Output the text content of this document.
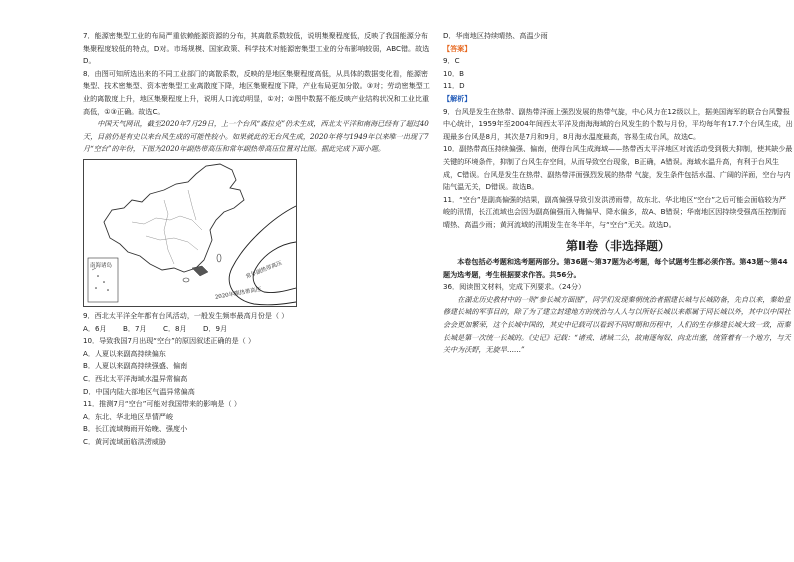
7．能源密集型工业的布局严重依赖能源资源的分布，其离散系数较低，说明集聚程度低，反映了我国能源分布集聚程度较低的特点，D对。市场规模、国家政策、科学技术对能源密集型工业的分布影响较弱，ABC错。故选D。

8．由图可知所选出来的不同工业部门的离散系数，反映的是地区集聚程度高低，从具体的数据变化看，能源密集型、技术密集型、资本密集型工业离散度下降，地区集聚程度下降，产业布局更加分散。③对；劳动密集型工业的离散度上升，地区集聚程度上升，说明人口流动明显，①对；②图中数据不能反映产业结构状况和工业比重高低，①③正确。故选C。

中国天气网讯，截至2020年7月29日，上一个台风“森拉克”仍未生成，西北太平洋和南海已经有了超过40天，目前仍是有史以来台风生成的可能性较小。如果就此的无台风生成，2020年将与1949年以来唯一出现了7月“空台”的年份，下图为2020年副热带高压和常年副热带高压位置对比图。据此完成下面小题。

南海诸岛	常年副热带高压
2020年副热带高压

9．西北太平洋全年都有台风活动，一般发生频率最高月份是（ ）

A．6月	B．7月	C．8月	D．9月

10．导致我国7月出现“空台”的原因叙述正确的是（ ）

A．人夏以来副高持续偏东

B．人夏以来副高持续强盛、偏南

C．西北太平洋海域水温异常偏高

D．中国内陆大部地区气温异常偏高

11．推测7月“空台”可能对我国带来的影响是（ ）

A．东北、华北地区旱情严峻

B．长江流域梅雨开始晚、强度小

C．黄河流域面临洪涝威胁

D．华南地区持续晴热、高温少雨

【答案】

9．C

10．B

11．D

【解析】

9．台风是发生在热带、副热带洋面上强烈发展的热带气旋，中心风力在12级以上，据美国海军的联合台风警报中心统计，1959年至2004年间西太平洋及南海海域的台风发生的个数与月份，平均每年有17.7个台风生成，出现最多台风是8月，其次是7月和9月，8月海水温度最高，容易生成台风，故选C。

10．副热带高压持续偏强、偏南，使得台风生成海域——热带西太平洋地区对流活动受到极大抑制，使其缺少最关键的环境条件，抑制了台风生存空间，从而导致空台现象，B正确，A错误。海域水温升高，有利于台风生成，C错误。台风是发生在热带、副热带洋面强烈发展的热带 气旋，发生条件包括水温、广阔的洋面，空台与内陆气温无关，D错误。故选B。

11．“空台”是副高偏强的结果，副高偏强导致引发洪涝雨带，故东北、华北地区“空台”之后可能会面临较为严峻的汛情，长江流域也会因为副高偏强而入梅偏早、降水偏多，故A、B错误；华南地区因持续受强高压控制而晴热、高温少雨；黄河流域的汛期发生在冬半年，与“空台”无关。故选D。

第Ⅱ卷（非选择题）

本卷包括必考题和选考题两部分。第36题～第37题为必考题，每个试题考生都必须作答。第43题～第44题为选考题，考生根据要求作答。共56分。

36．阅读图文材料，完成下列要求。（24分）

在湖北历史教材中的一则“参长城方面图”，同学们发现秦朝统治者据建长城与长城防备，先自以来，秦始皇修建长城的军事目的，除了为了建立封建地方的统治与人人与以所好长城以来都属于同长城以外，其中以中国社会会更加繁荣，这个长城中国的，其史中记载可以看到不同时期和历程中，人们的生存修建长城大致一致，而秦长城是第一次统一长城的。《史记》记载：“诸戎、诸域二公，故南逐匈奴、向北出塞，统管着有一个地方，与天关中为沃野，无旋旱……”
